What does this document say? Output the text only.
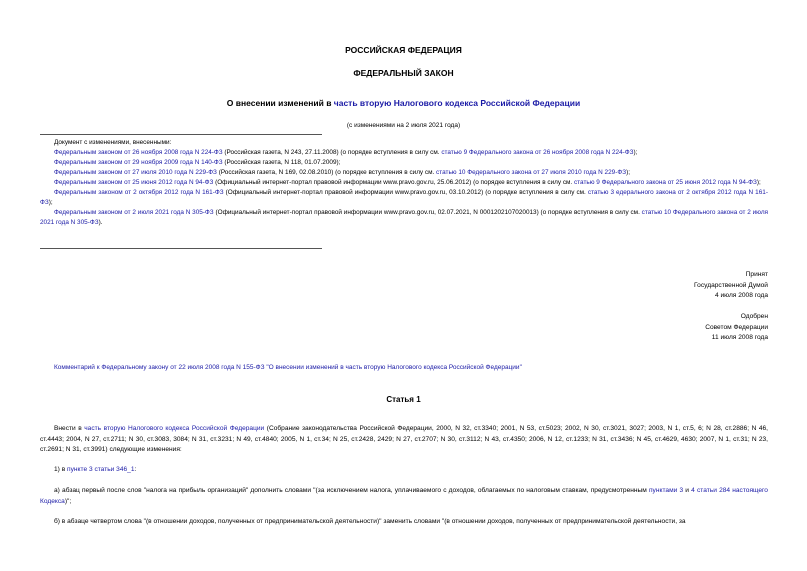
РОССИЙСКАЯ ФЕДЕРАЦИЯ
ФЕДЕРАЛЬНЫЙ ЗАКОН
О внесении изменений в часть вторую Налогового кодекса Российской Федерации
(с изменениями на 2 июля 2021 года)
Документ с изменениями, внесенными:
Федеральным законом от 26 ноября 2008 года N 224-ФЗ (Российская газета, N 243, 27.11.2008) (о порядке вступления в силу см. статью 9 Федерального закона от 26 ноября 2008 года N 224-ФЗ);
Федеральным законом от 29 ноября 2009 года N 140-ФЗ (Российская газета, N 118, 01.07.2009);
Федеральным законом от 27 июля 2010 года N 229-ФЗ (Российская газета, N 169, 02.08.2010) (о порядке вступления в силу см. статью 10 Федерального закона от 27 июля 2010 года N 229-ФЗ);
Федеральным законом от 25 июня 2012 года N 94-ФЗ (Официальный интернет-портал правовой информации www.pravo.gov.ru, 25.06.2012) (о порядке вступления в силу см. статью 9 Федерального закона от 25 июня 2012 года N 94-ФЗ);
Федеральным законом от 2 октября 2012 года N 161-ФЗ (Официальный интернет-портал правовой информации www.pravo.gov.ru, 03.10.2012) (о порядке вступления в силу см. статью 3 едерального закона от 2 октября 2012 года N 161-ФЗ);
Федеральным законом от 2 июля 2021 года N 305-ФЗ (Официальный интернет-портал правовой информации www.pravo.gov.ru, 02.07.2021, N 0001202107020013) (о порядке вступления в силу см. статью 10 Федерального закона от 2 июля 2021 года N 305-ФЗ).
Принят
Государственной Думой
4 июля 2008 года
Одобрен
Советом Федерации
11 июля 2008 года
Комментарий к Федеральному закону от 22 июля 2008 года N 155-ФЗ "О внесении изменений в часть вторую Налогового кодекса Российской Федерации"
Статья 1
Внести в часть вторую Налогового кодекса Российской Федерации (Собрание законодательства Российской Федерации, 2000, N 32, ст.3340; 2001, N 53, ст.5023; 2002, N 30, ст.3021, 3027; 2003, N 1, ст.5, 6; N 28, ст.2886; N 46, ст.4443; 2004, N 27, ст.2711; N 30, ст.3083, 3084; N 31, ст.3231; N 49, ст.4840; 2005, N 1, ст.34; N 25, ст.2428, 2429; N 27, ст.2707; N 30, ст.3112; N 43, ст.4350; 2006, N 12, ст.1233; N 31, ст.3436; N 45, ст.4629, 4630; 2007, N 1, ст.31; N 23, ст.2691; N 31, ст.3991) следующие изменения:
1) в пункте 3 статьи 346_1:
а) абзац первый после слов "налога на прибыль организаций" дополнить словами "(за исключением налога, уплачиваемого с доходов, облагаемых по налоговым ставкам, предусмотренным пунктами 3 и 4 статьи 284 настоящего Кодекса)";
б) в абзаце четвертом слова "(в отношении доходов, полученных от предпринимательской деятельности)" заменить словами "(в отношении доходов, полученных от предпринимательской деятельности, за
